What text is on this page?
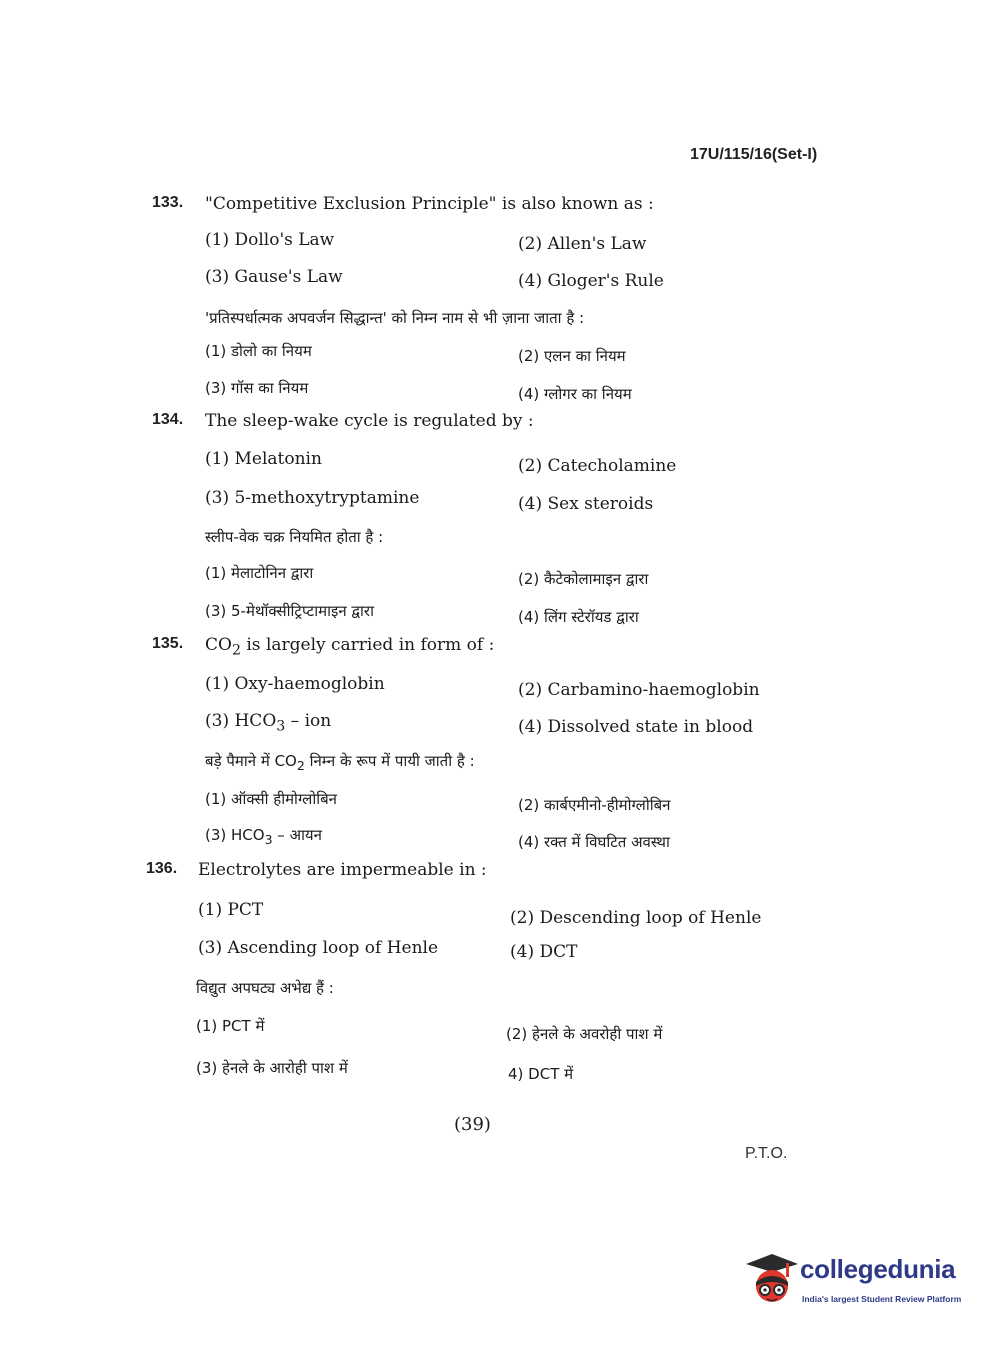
17U/115/16(Set-I)
133. "Competitive Exclusion Principle" is also known as :
(1) Dollo's Law	(2) Allen's Law
(3) Gause's Law	(4) Gloger's Rule
'प्रतिस्पर्धात्मक अपवर्जन सिद्धान्त' को निम्न नाम से भी ज़ाना जाता है :
(1) डोलो का नियम	(2) एलन का नियम
(3) गॉस का नियम	(4) ग्लोगर का नियम
134. The sleep-wake cycle is regulated by :
(1) Melatonin	(2) Catecholamine
(3) 5-methoxytryptamine	(4) Sex steroids
स्लीप-वेक चक्र नियमित होता है :
(1) मेलाटोनिन द्वारा	(2) कैटेकोलामाइन द्वारा
(3) 5-मेथॉक्सीट्रिप्टामाइन द्वारा	(4) लिंग स्टेरॉयड द्वारा
135. $CO_2$ is largely carried in form of :
(1) Oxy-haemoglobin	(2) Carbamino-haemoglobin
(3) $HCO_3$ – ion	(4) Dissolved state in blood
बड़े पैमाने में $CO_2$ निम्न के रूप में पायी जाती है :
(1) ऑक्सी हीमोग्लोबिन	(2) कार्बएमीनो-हीमोग्लोबिन
(3) $HCO_3$ – आयन	(4) रक्त में विघटित अवस्था
136. Electrolytes are impermeable in :
(1) PCT	(2) Descending loop of Henle
(3) Ascending loop of Henle	(4) DCT
विद्युत अपघट्य अभेद्य हैं :
(1) PCT में	(2) हेनले के अवरोही पाश में
(3) हेनले के आरोही पाश में	4) DCT में
(39)
P.T.O.
collegedunia
India's largest Student Review Platform
